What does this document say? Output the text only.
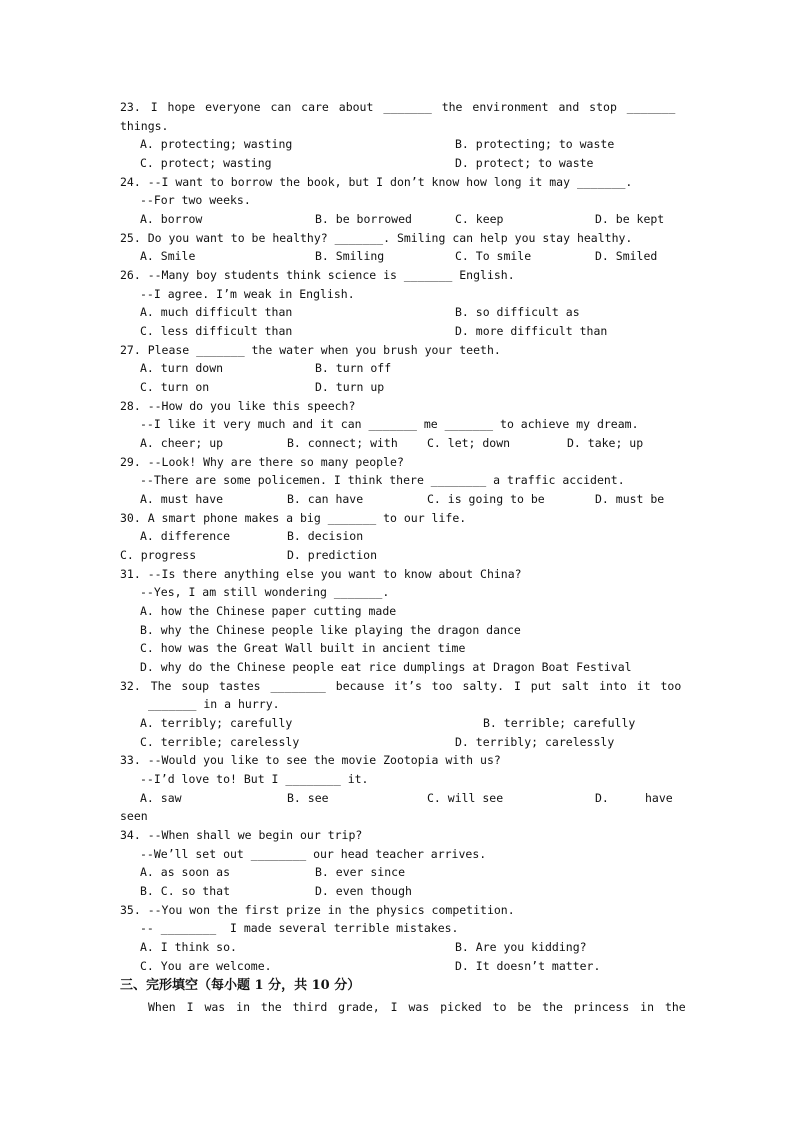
23. I hope everyone can care about _______ the environment and stop _______
things.
A. protecting; wasting	B. protecting; to waste
C. protect; wasting	D. protect; to waste
24. --I want to borrow the book, but I don’t know how long it may _______.
--For two weeks.
A. borrow	B. be borrowed	C. keep	D. be kept
25. Do you want to be healthy? _______. Smiling can help you stay healthy.
A. Smile	B. Smiling	C. To smile	D. Smiled
26. --Many boy students think science is _______ English.
--I agree. I’m weak in English.
A. much difficult than	B. so difficult as
C. less difficult than	D. more difficult than
27. Please _______ the water when you brush your teeth.
A. turn down	B. turn off
C. turn on	D. turn up
28. --How do you like this speech?
--I like it very much and it can _______ me _______ to achieve my dream.
A. cheer; up	B. connect; with	C. let; down	D. take; up
29. --Look! Why are there so many people?
--There are some policemen. I think there ________ a traffic accident.
A. must have	B. can have	C. is going to be	D. must be
30. A smart phone makes a big _______ to our life.
A. difference	B. decision
C. progress	D. prediction
31. --Is there anything else you want to know about China?
--Yes, I am still wondering _______.
A. how the Chinese paper cutting made
B. why the Chinese people like playing the dragon dance
C. how was the Great Wall built in ancient time
D. why do the Chinese people eat rice dumplings at Dragon Boat Festival
32. The soup tastes ________ because it’s too salty. I put salt into it too
_______ in a hurry.
A. terribly; carefully	B. terrible; carefully
C. terrible; carelessly	D. terribly; carelessly
33. --Would you like to see the movie Zootopia with us?
--I’d love to! But I ________ it.
A. saw	B. see	C. will see	D.	have
seen
34. --When shall we begin our trip?
--We’ll set out ________ our head teacher arrives.
A. as soon as	B. ever since
B. C. so that	D. even though
35. --You won the first prize in the physics competition.
-- ________  I made several terrible mistakes.
A. I think so.	B. Are you kidding?
C. You are welcome.	D. It doesn’t matter.
三、完形填空（每小题 1 分，共 10 分）
When I was in the third grade, I was picked to be the princess in the
